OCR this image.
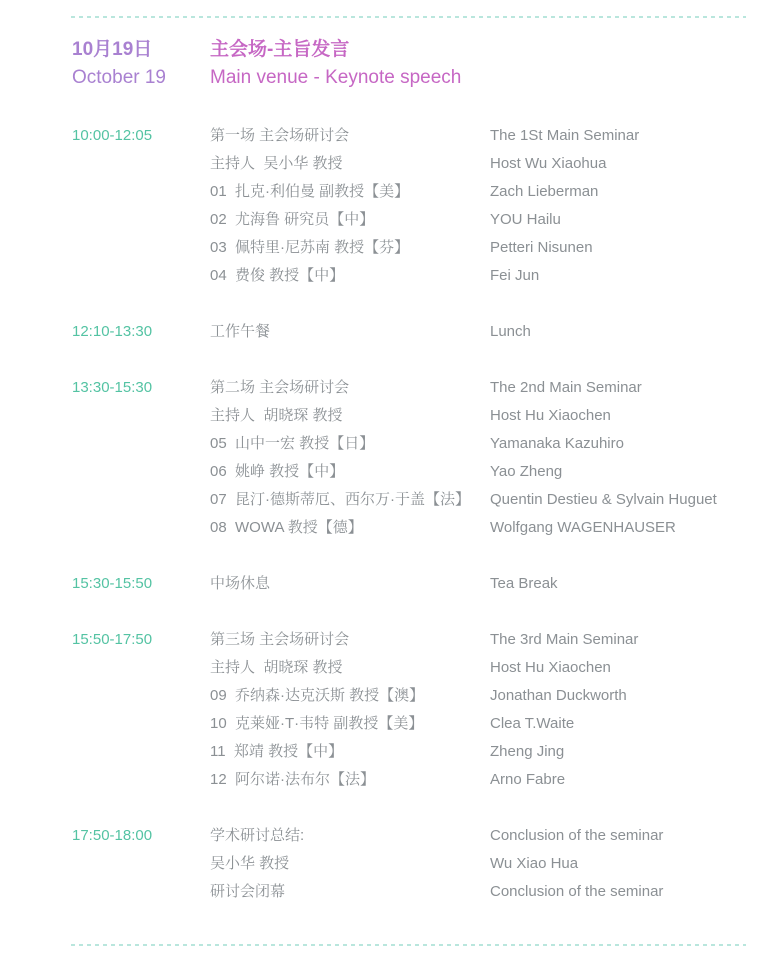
10月19日
October 19
主会场-主旨发言
Main venue - Keynote speech
10:00-12:05	第一场 主会场研讨会	The 1St Main Seminar
主持人  吴小华 教授	Host Wu Xiaohua
01  扎克·利伯曼 副教授【美】	Zach Lieberman
02  尤海鲁 研究员【中】	YOU Hailu
03  佩特里·尼苏南 教授【芬】	Petteri Nisunen
04  费俊 教授【中】	Fei Jun
12:10-13:30	工作午餐	Lunch
13:30-15:30	第二场 主会场研讨会	The 2nd Main Seminar
主持人  胡晓琛 教授	Host Hu Xiaochen
05  山中一宏 教授【日】	Yamanaka Kazuhiro
06  姚峥 教授【中】	Yao Zheng
07  昆汀·德斯蒂厄、西尔万·于盖【法】	Quentin Destieu & Sylvain Huguet
08  WOWA 教授【德】	Wolfgang WAGENHAUSER
15:30-15:50	中场休息	Tea Break
15:50-17:50	第三场 主会场研讨会	The 3rd Main Seminar
主持人  胡晓琛 教授	Host Hu Xiaochen
09  乔纳森·达克沃斯 教授【澳】	Jonathan Duckworth
10  克莱娅·T·韦特 副教授【美】	Clea T.Waite
11  郑靖 教授【中】	Zheng Jing
12  阿尔诺·法布尔【法】	Arno Fabre
17:50-18:00	学术研讨总结:	Conclusion of the seminar
吴小华 教授	Wu Xiao Hua
研讨会闭幕	Conclusion of the seminar
